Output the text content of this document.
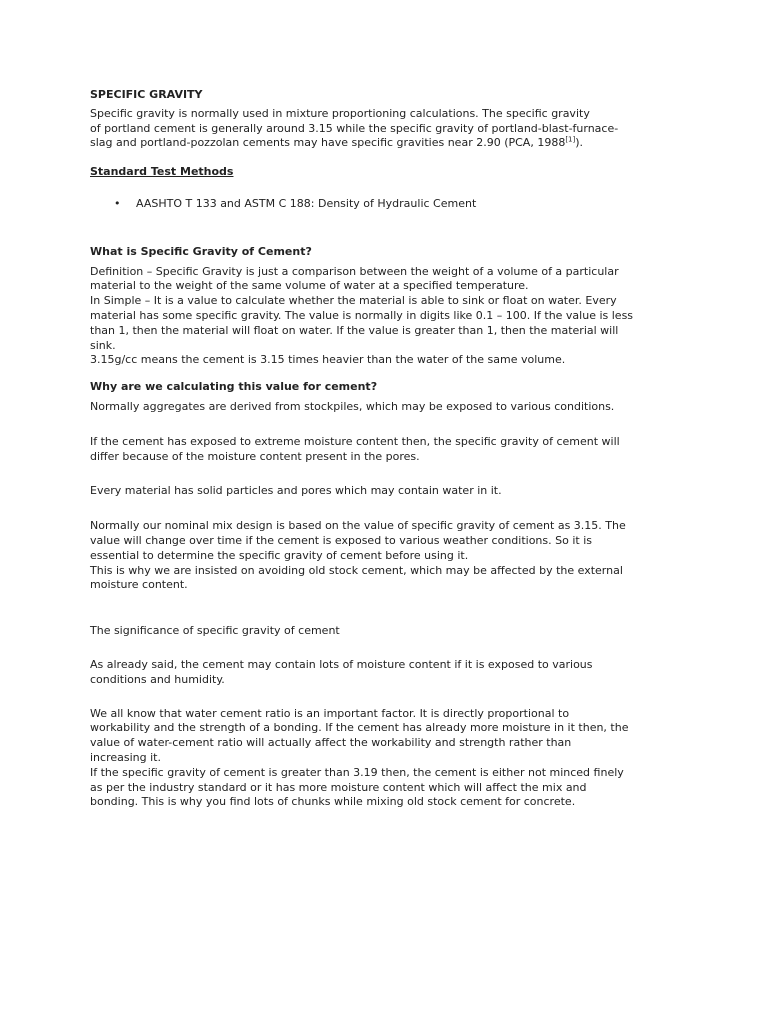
SPECIFIC GRAVITY

Specific gravity is normally used in mixture proportioning calculations. The specific gravity
of portland cement is generally around 3.15 while the specific gravity of portland-blast-furnace-
slag and portland-pozzolan cements may have specific gravities near 2.90 (PCA, 1988[1]).

Standard Test Methods
• AASHTO T 133 and ASTM C 188: Density of Hydraulic Cement
What is Specific Gravity of Cement?

Definition – Specific Gravity is just a comparison between the weight of a volume of a particular
material to the weight of the same volume of water at a specified temperature.
In Simple – It is a value to calculate whether the material is able to sink or float on water. Every
material has some specific gravity. The value is normally in digits like 0.1 – 100. If the value is less
than 1, then the material will float on water. If the value is greater than 1, then the material will
sink.
3.15g/cc means the cement is 3.15 times heavier than the water of the same volume.

Why are we calculating this value for cement?

Normally aggregates are derived from stockpiles, which may be exposed to various conditions.

If the cement has exposed to extreme moisture content then, the specific gravity of cement will
differ because of the moisture content present in the pores.

Every material has solid particles and pores which may contain water in it.

Normally our nominal mix design is based on the value of specific gravity of cement as 3.15. The
value will change over time if the cement is exposed to various weather conditions. So it is
essential to determine the specific gravity of cement before using it.
This is why we are insisted on avoiding old stock cement, which may be affected by the external
moisture content.

The significance of specific gravity of cement

As already said, the cement may contain lots of moisture content if it is exposed to various
conditions and humidity.

We all know that water cement ratio is an important factor. It is directly proportional to
workability and the strength of a bonding. If the cement has already more moisture in it then, the
value of water-cement ratio will actually affect the workability and strength rather than
increasing it.
If the specific gravity of cement is greater than 3.19 then, the cement is either not minced finely
as per the industry standard or it has more moisture content which will affect the mix and
bonding. This is why you find lots of chunks while mixing old stock cement for concrete.
